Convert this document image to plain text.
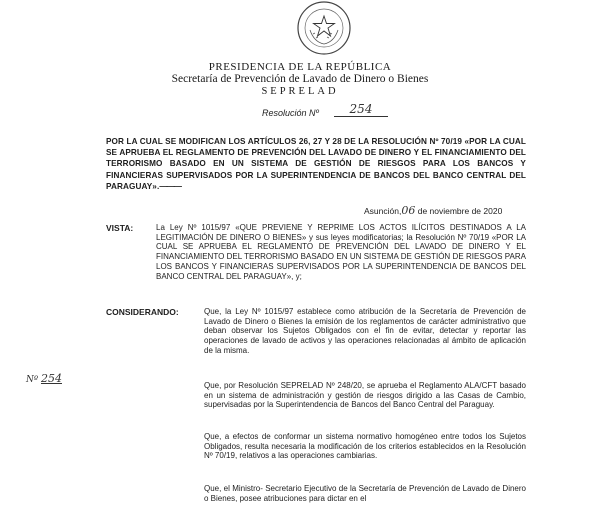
PRESIDENCIA DE LA REPÚBLICA
Secretaría de Prevención de Lavado de Dinero o Bienes
SEPRELAD
Resolución Nº	254
POR LA CUAL SE MODIFICAN LOS ARTÍCULOS 26, 27 Y 28 DE LA RESOLUCIÓN Nº 70/19 «POR LA CUAL SE APRUEBA EL REGLAMENTO DE PREVENCIÓN DEL LAVADO DE DINERO Y EL FINANCIAMIENTO DEL TERRORISMO BASADO EN UN SISTEMA DE GESTIÓN DE RIESGOS PARA LOS BANCOS Y FINANCIERAS SUPERVISADOS POR LA SUPERINTENDENCIA DE BANCOS DEL BANCO CENTRAL DEL PARAGUAY».———
Asunción,06 de noviembre de 2020
VISTA:	La Ley Nº 1015/97 «QUE PREVIENE Y REPRIME LOS ACTOS ILÍCITOS DESTINADOS A LA LEGITIMACIÓN DE DINERO O BIENES» y sus leyes modificatorias; la Resolución Nº 70/19 «POR LA CUAL SE APRUEBA EL REGLAMENTO DE PREVENCIÓN DEL LAVADO DE DINERO Y EL FINANCIAMIENTO DEL TERRORISMO BASADO EN UN SISTEMA DE GESTIÓN DE RIESGOS PARA LOS BANCOS Y FINANCIERAS SUPERVISADOS POR LA SUPERINTENDENCIA DE BANCOS DEL BANCO CENTRAL DEL PARAGUAY», y;
CONSIDERANDO:	Que, la Ley Nº 1015/97 establece como atribución de la Secretaría de Prevención de Lavado de Dinero o Bienes la emisión de los reglamentos de carácter administrativo que deban observar los Sujetos Obligados con el fin de evitar, detectar y reportar las operaciones de lavado de activos y las operaciones relacionadas al ámbito de aplicación de la misma.
Que, por Resolución SEPRELAD Nº 248/20, se aprueba el Reglamento ALA/CFT basado en un sistema de administración y gestión de riesgos dirigido a las Casas de Cambio, supervisadas por la Superintendencia de Bancos del Banco Central del Paraguay.
Que, a efectos de conformar un sistema normativo homogéneo entre todos los Sujetos Obligados, resulta necesaria la modificación de los criterios establecidos en la Resolución Nº 70/19, relativos a las operaciones cambiarias.
Que, el Ministro- Secretario Ejecutivo de la Secretaría de Prevención de Lavado de Dinero o Bienes, posee atribuciones para dictar en el
Nº 254
